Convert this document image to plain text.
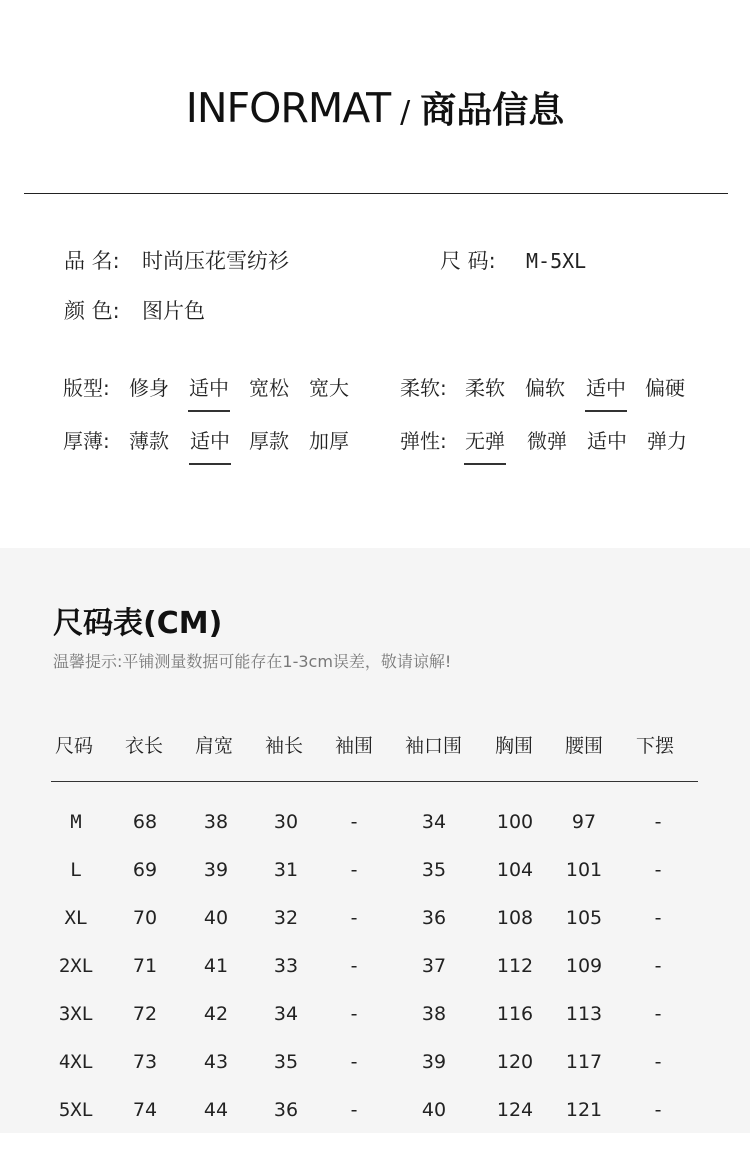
INFORMAT / 商品信息
品 名: 时尚压花雪纺衫	尺 码: M-5XL
颜 色: 图片色
版型: 修身 适中 宽松 宽大	柔软: 柔软 偏软 适中 偏硬
厚薄: 薄款 适中 厚款 加厚	弹性: 无弹 微弹 适中 弹力
尺码表(CM)
温馨提示:平铺测量数据可能存在1-3cm误差，敬请谅解!
尺码 衣长 肩宽 袖长 袖围 袖口围 胸围 腰围 下摆
M	68	38	30	-	34	100	97	-
L	69	39	31	-	35	104	101	-
XL	70	40	32	-	36	108	105	-
2XL	71	41	33	-	37	112	109	-
3XL	72	42	34	-	38	116	113	-
4XL	73	43	35	-	39	120	117	-
5XL	74	44	36	-	40	124	121	-
